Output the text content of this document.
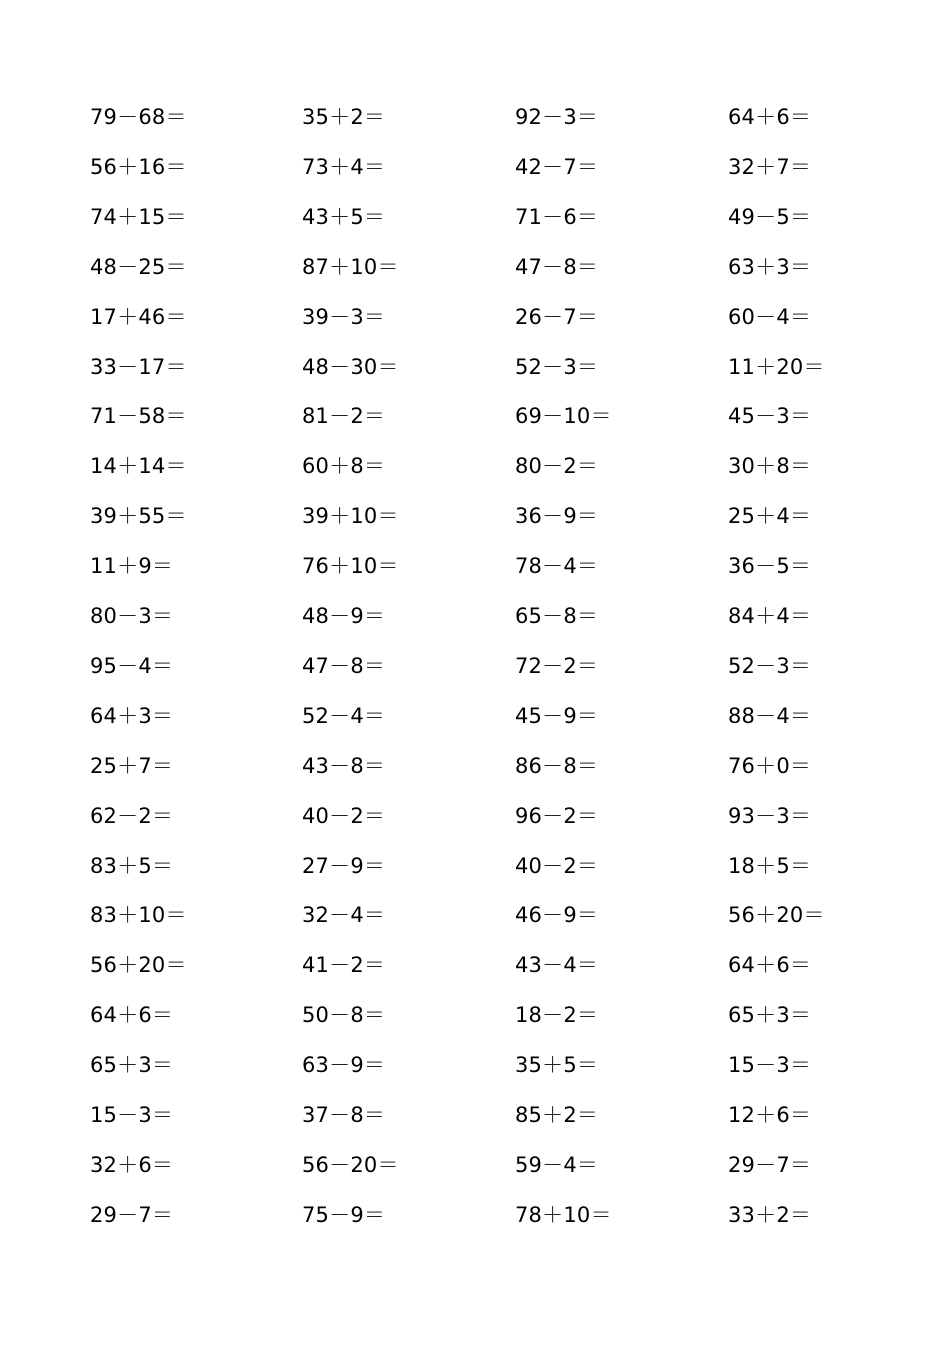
79－68＝	35＋2＝	92－3＝	64＋6＝
56＋16＝	73＋4＝	42－7＝	32＋7＝
74＋15＝	43＋5＝	71－6＝	49－5＝
48－25＝	87＋10＝	47－8＝	63＋3＝
17＋46＝	39－3＝	26－7＝	60－4＝
33－17＝	48－30＝	52－3＝	11＋20＝
71－58＝	81－2＝	69－10＝	45－3＝
14＋14＝	60＋8＝	80－2＝	30＋8＝
39＋55＝	39＋10＝	36－9＝	25＋4＝
11＋9＝	76＋10＝	78－4＝	36－5＝
80－3＝	48－9＝	65－8＝	84＋4＝
95－4＝	47－8＝	72－2＝	52－3＝
64＋3＝	52－4＝	45－9＝	88－4＝
25＋7＝	43－8＝	86－8＝	76＋0＝
62－2＝	40－2＝	96－2＝	93－3＝
83＋5＝	27－9＝	40－2＝	18＋5＝
83＋10＝	32－4＝	46－9＝	56＋20＝
56＋20＝	41－2＝	43－4＝	64＋6＝
64＋6＝	50－8＝	18－2＝	65＋3＝
65＋3＝	63－9＝	35＋5＝	15－3＝
15－3＝	37－8＝	85＋2＝	12＋6＝
32＋6＝	56－20＝	59－4＝	29－7＝
29－7＝	75－9＝	78＋10＝	33＋2＝
